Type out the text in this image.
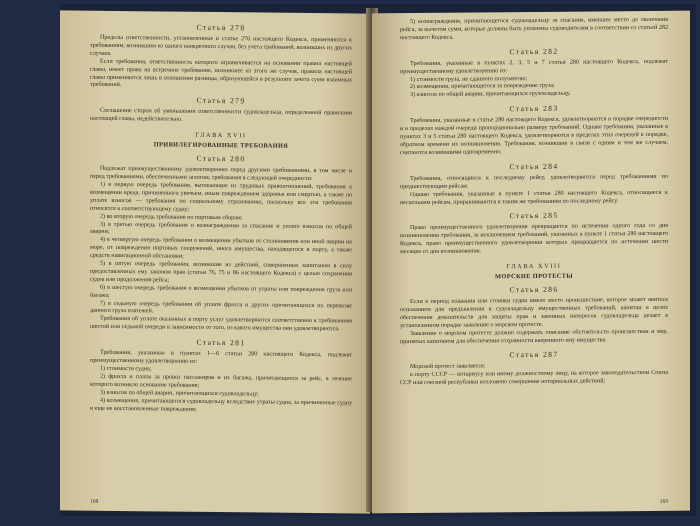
Статья 278
Пределы ответственности, установленные в статье 276 настоящего Кодекса, применяются к требованиям, возникшим из одного конкретного случая, без учета требований, возникших из других случаев.
Если требования, ответственность которого ограничивается на основании правил настоящей главы, имеет право на встречное требование, возникшее из этого же случая, правила настоящей главы применяются лишь в отношении разницы, образующейся в результате зачета сумм взаимных требований.
Статья 279
Соглашение сторон об уменьшении ответственности судовладельца, определенной правилами настоящей главы, недействительно.
ГЛАВА XVII
ПРИВИЛЕГИРОВАННЫЕ ТРЕБОВАНИЯ
Статья 280
Подлежат преимущественному удовлетворению перед другими требованиями, в том числе и перед требованиями, обеспеченными залогом, требования в следующей очередности:
1) в первую очередь требования, вытекающие из трудовых правоотношений, требования о возмещении вреда, причиненного увечьем, иным повреждением здоровья или смертью, а также по уплате взносов — требования по социальному страхованию, поскольку все эти требования относятся к соответствующему судну;
2) во вторую очередь требования по портовым сборам;
3) в третью очередь требования о вознаграждении за спасание и уплате взносов по общей аварии;
4) в четвертую очередь требования о возмещении убытков от столкновения или иной аварии на море, от повреждения портовых сооружений, иного имущества, находящегося в порту, а также средств навигационной обстановки;
5) в пятую очередь требования, возникшие из действий, совершенных капитаном в силу предоставленных ему законом прав (статьи 76, 75 и 86 настоящего Кодекса) с целью сохранения судна или продолжения рейса;
6) в шестую очередь требования о возмещении убытков от утраты или повреждения груза или багажа;
7) в седьмую очередь требования об уплате фрахта и других причитающихся по перевозке данного груза платежей.
Требования об уплате оказанных в порту услуг удовлетворяются соответственно к требованиям шестой или седьмой очереди в зависимости от того, из какого имущества они удовлетворяются.
Статья 281
Требования, указанные в пунктах 1—6 статьи 280 настоящего Кодекса, подлежат преимущественному удовлетворению из:
1) стоимости судна;
2) фрахта и платы за провоз пассажиров и их багажа, причитающихся за рейс, в течение которого возникло основание требования;
3) взносов по общей аварии, причитающихся судовладельцу;
4) возмещения, причитающегося судовладельцу вследствие утраты судна, за причиненные судну и еще не восстановленные повреждения;
168
5) вознаграждения, причитающегося судовладельцу за спасание, имевшее место до окончания рейса, за вычетом сумм, которые должны быть уплачены судоводителям в соответствии со статьей 282 настоящего Кодекса.
Статья 282
Требования, указанные в пунктах 2, 3, 5 и 7 статьи 280 настоящего Кодекса, подлежат преимущественному удовлетворению из:
1) стоимости груза, не сданного получателю;
2) возмещения, причитающегося за повреждение груза;
3) взносов по общей аварии, причитающихся грузовладельцу.
Статья 283
Требования, указанные в статье 280 настоящего Кодекса, удовлетворяются в порядке очередности и в пределах каждой очереди пропорционально размеру требований. Однако требования, указанные в пунктах 3 и 5 статьи 280 настоящего Кодекса, удовлетворяются в пределах этих очередей в порядке, обратном времени их возникновения. Требования, возникшие в связи с одним и тем же случаем, считаются возникшими одновременно.
Статья 284
Требования, относящиеся к последнему рейсу, удовлетворяются перед требованиями по предшествующим рейсам.
Однако требования, указанные в пункте 1 статьи 280 настоящего Кодекса, относящиеся к нескольким рейсам, приравниваются к таким же требованиям по последнему рейсу.
Статья 285
Право преимущественного удовлетворения прекращается по истечении одного года со дня возникновения требования, за исключением требований, указанных в пункте 1 статьи 280 настоящего Кодекса, право преимущественного удовлетворения которых прекращается по истечении шести месяцев со дня возникновения.
ГЛАВА XVIII
МОРСКИЕ ПРОТЕСТЫ
Статья 286
Если в период плавания или стоянки судна имело место происшествие, которое может явиться основанием для предъявления к судовладельцу имущественных требований, капитан в целях обеспечения доказательств для защиты прав и законных интересов судовладельца делает в установленном порядке заявление о морском протесте.
Заявление о морском протесте должно содержать описание обстоятельств происшествия и мер, принятых капитаном для обеспечения сохранности вверенного ему имущества.
Статья 287
Морской протест заявляется:
в порту СССР — нотариусу или иному должностному лицу, на которое законодательством Союза ССР или союзной республики возложено совершение нотариальных действий;
169
